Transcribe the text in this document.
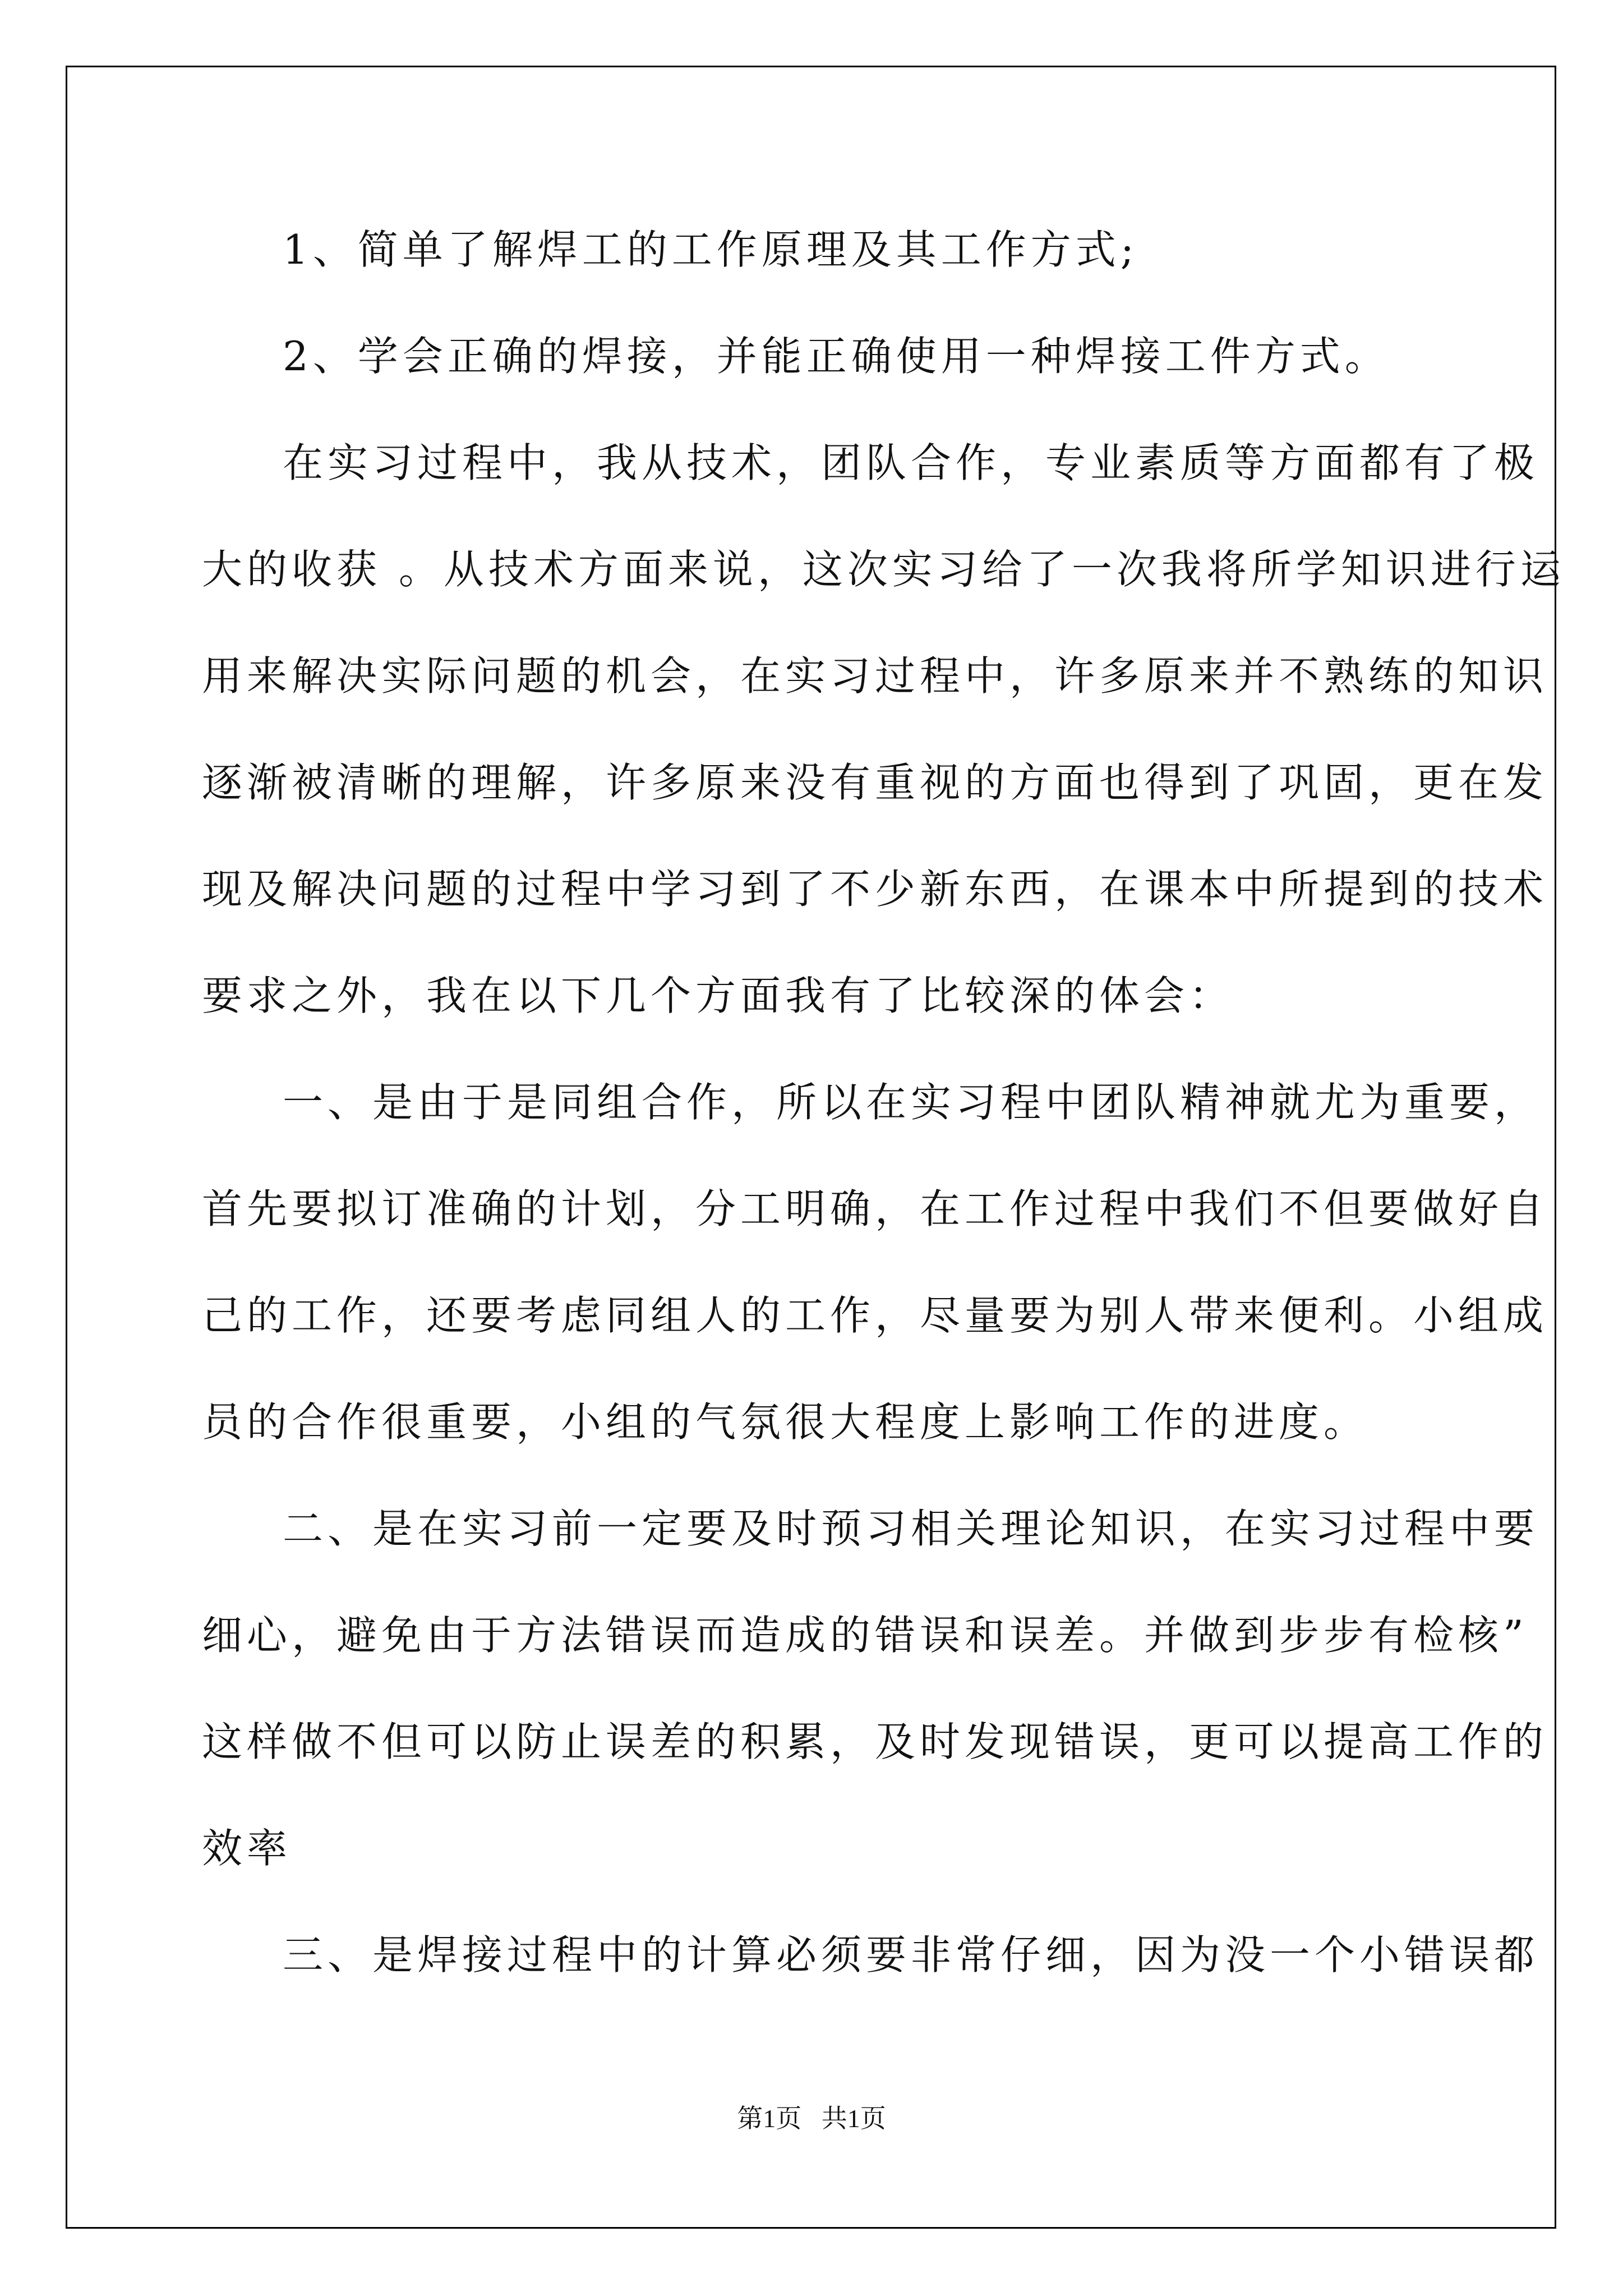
1、简单了解焊工的工作原理及其工作方式;
2、学会正确的焊接，并能正确使用一种焊接工件方式。
在实习过程中，我从技术，团队合作，专业素质等方面都有了极
大的收获 。从技术方面来说，这次实习给了一次我将所学知识进行运
用来解决实际问题的机会，在实习过程中，许多原来并不熟练的知识
逐渐被清晰的理解，许多原来没有重视的方面也得到了巩固，更在发
现及解决问题的过程中学习到了不少新东西，在课本中所提到的技术
要求之外，我在以下几个方面我有了比较深的体会：
一、是由于是同组合作，所以在实习程中团队精神就尤为重要，
首先要拟订准确的计划，分工明确，在工作过程中我们不但要做好自
己的工作，还要考虑同组人的工作，尽量要为别人带来便利。小组成
员的合作很重要，小组的气氛很大程度上影响工作的进度。
二、是在实习前一定要及时预习相关理论知识，在实习过程中要
细心，避免由于方法错误而造成的错误和误差。并做到步步有检核”
这样做不但可以防止误差的积累，及时发现错误，更可以提高工作的
效率
三、是焊接过程中的计算必须要非常仔细，因为没一个小错误都
第1页 共1页
